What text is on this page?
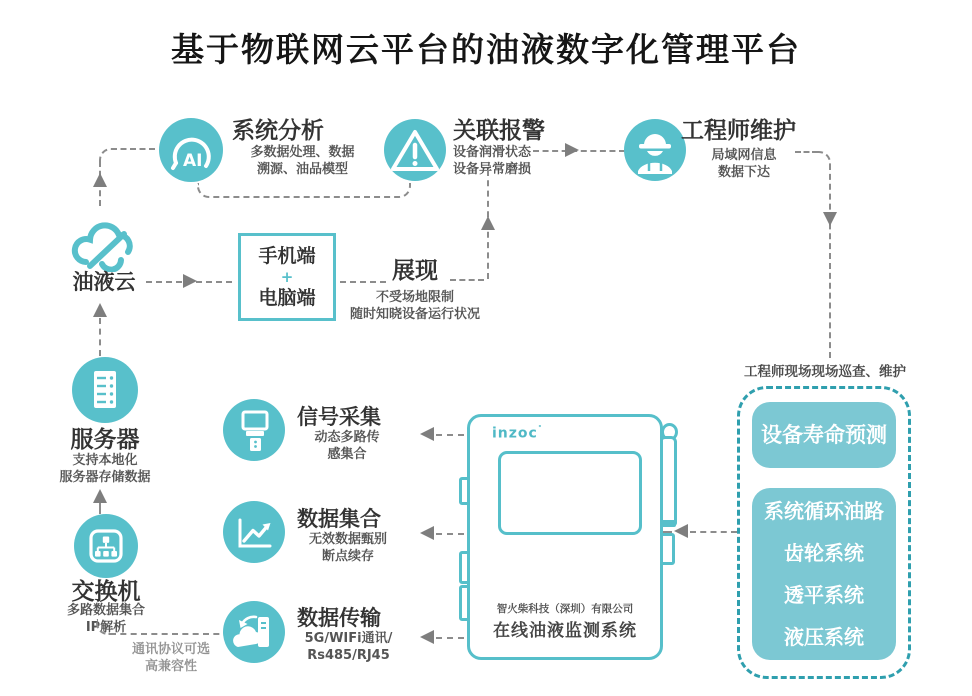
基于物联网云平台的油液数字化管理平台
AI
系统分析
多数据处理、数据
溯源、油品模型
关联报警
设备润滑状态
设备异常磨损
工程师维护
局域网信息
数据下达
油液云
手机端
+
电脑端
展现
不受场地限制
随时知晓设备运行状况
服务器
支持本地化
服务器存储数据
交换机
多路数据集合
IP解析
通讯协议可选
高兼容性
信号采集
动态多路传
感集合
数据集合
无效数据甄别
断点续存
数据传输
5G/WIFi通讯/
Rs485/RJ45
inzoc˚
智火柴科技（深圳）有限公司
在线油液监测系统
工程师现场现场巡查、维护
设备寿命预测
系统循环油路
齿轮系统
透平系统
液压系统
